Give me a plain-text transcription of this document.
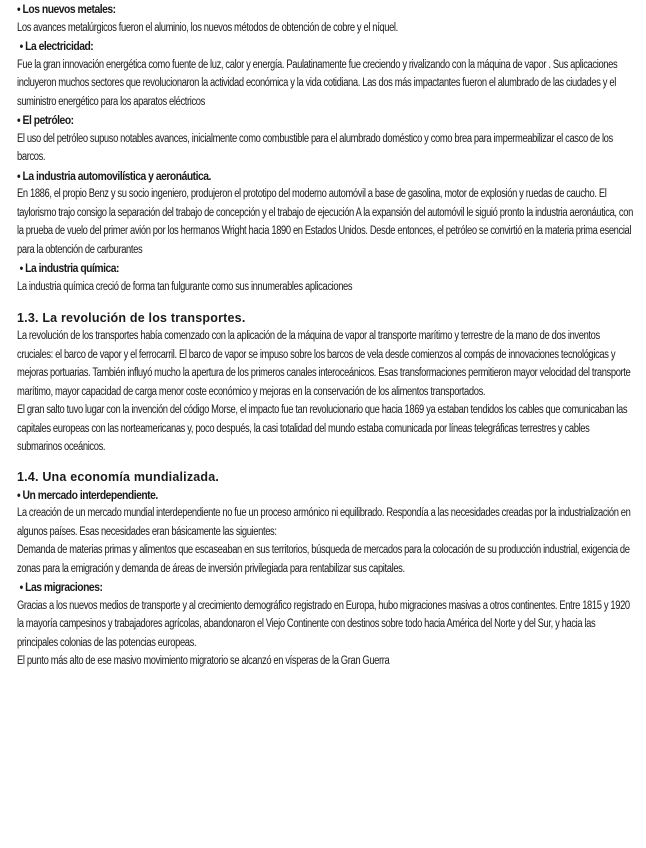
• Los nuevos metales:

Los avances metalúrgicos fueron el aluminio, los nuevos métodos de obtención de cobre y el níquel.

• La electricidad:

Fue la gran innovación energética como fuente de luz, calor y energía. Paulatinamente fue creciendo y rivalizando con la máquina de vapor . Sus aplicaciones incluyeron muchos sectores que revolucionaron la actividad económica y la vida cotidiana. Las dos más impactantes fueron el alumbrado de las ciudades y el suministro energético para los aparatos eléctricos

• El petróleo:

El uso del petróleo supuso notables avances, inicialmente como combustible para el alumbrado doméstico y como brea para impermeabilizar el casco de los barcos.

• La industria automovilística y aeronáutica.

En 1886, el propio Benz y su socio ingeniero, produjeron el prototipo del moderno automóvil a base de gasolina, motor de explosión y ruedas de caucho. El taylorismo trajo consigo la separación del trabajo de concepción y el trabajo de ejecución A la expansión del automóvil le siguió pronto la industria aeronáutica, con la prueba de vuelo del primer avión por los hermanos Wright hacia 1890 en Estados Unidos. Desde entonces, el petróleo se convirtió en la materia prima esencial para la obtención de carburantes

• La industria química:

La industria química creció de forma tan fulgurante como sus innumerables aplicaciones

1.3. La revolución de los transportes.

La revolución de los transportes había comenzado con la aplicación de la máquina de vapor al transporte marítimo y terrestre de la mano de dos inventos cruciales: el barco de vapor y el ferrocarril. El barco de vapor se impuso sobre los barcos de vela desde comienzos al compás de innovaciones tecnológicas y mejoras portuarias. También influyó mucho la apertura de los primeros canales interoceánicos. Esas transformaciones permitieron mayor velocidad del transporte marítimo, mayor capacidad de carga menor coste económico y mejoras en la conservación de los alimentos transportados.

El gran salto tuvo lugar con la invención del código Morse, el impacto fue tan revolucionario que hacia 1869 ya estaban tendidos los cables que comunicaban las capitales europeas con las norteamericanas y, poco después, la casi totalidad del mundo estaba comunicada por líneas telegráficas terrestres y cables submarinos oceánicos.

1.4. Una economía mundializada.
• Un mercado interdependiente.

La creación de un mercado mundial interdependiente no fue un proceso armónico ni equilibrado. Respondía a las necesidades creadas por la industrialización en algunos países. Esas necesidades eran básicamente las siguientes:

Demanda de materias primas y alimentos que escaseaban en sus territorios, búsqueda de mercados para la colocación de su producción industrial, exigencia de zonas para la emigración y demanda de áreas de inversión privilegiada para rentabilizar sus capitales.

• Las migraciones:

Gracias a los nuevos medios de transporte y al crecimiento demográfico registrado en Europa, hubo migraciones masivas a otros continentes. Entre 1815 y 1920 la mayoría campesinos y trabajadores agrícolas, abandonaron el Viejo Continente con destinos sobre todo hacia América del Norte y del Sur, y hacia las principales colonias de las potencias europeas.

El punto más alto de ese masivo movimiento migratorio se alcanzó en vísperas de la Gran Guerra
